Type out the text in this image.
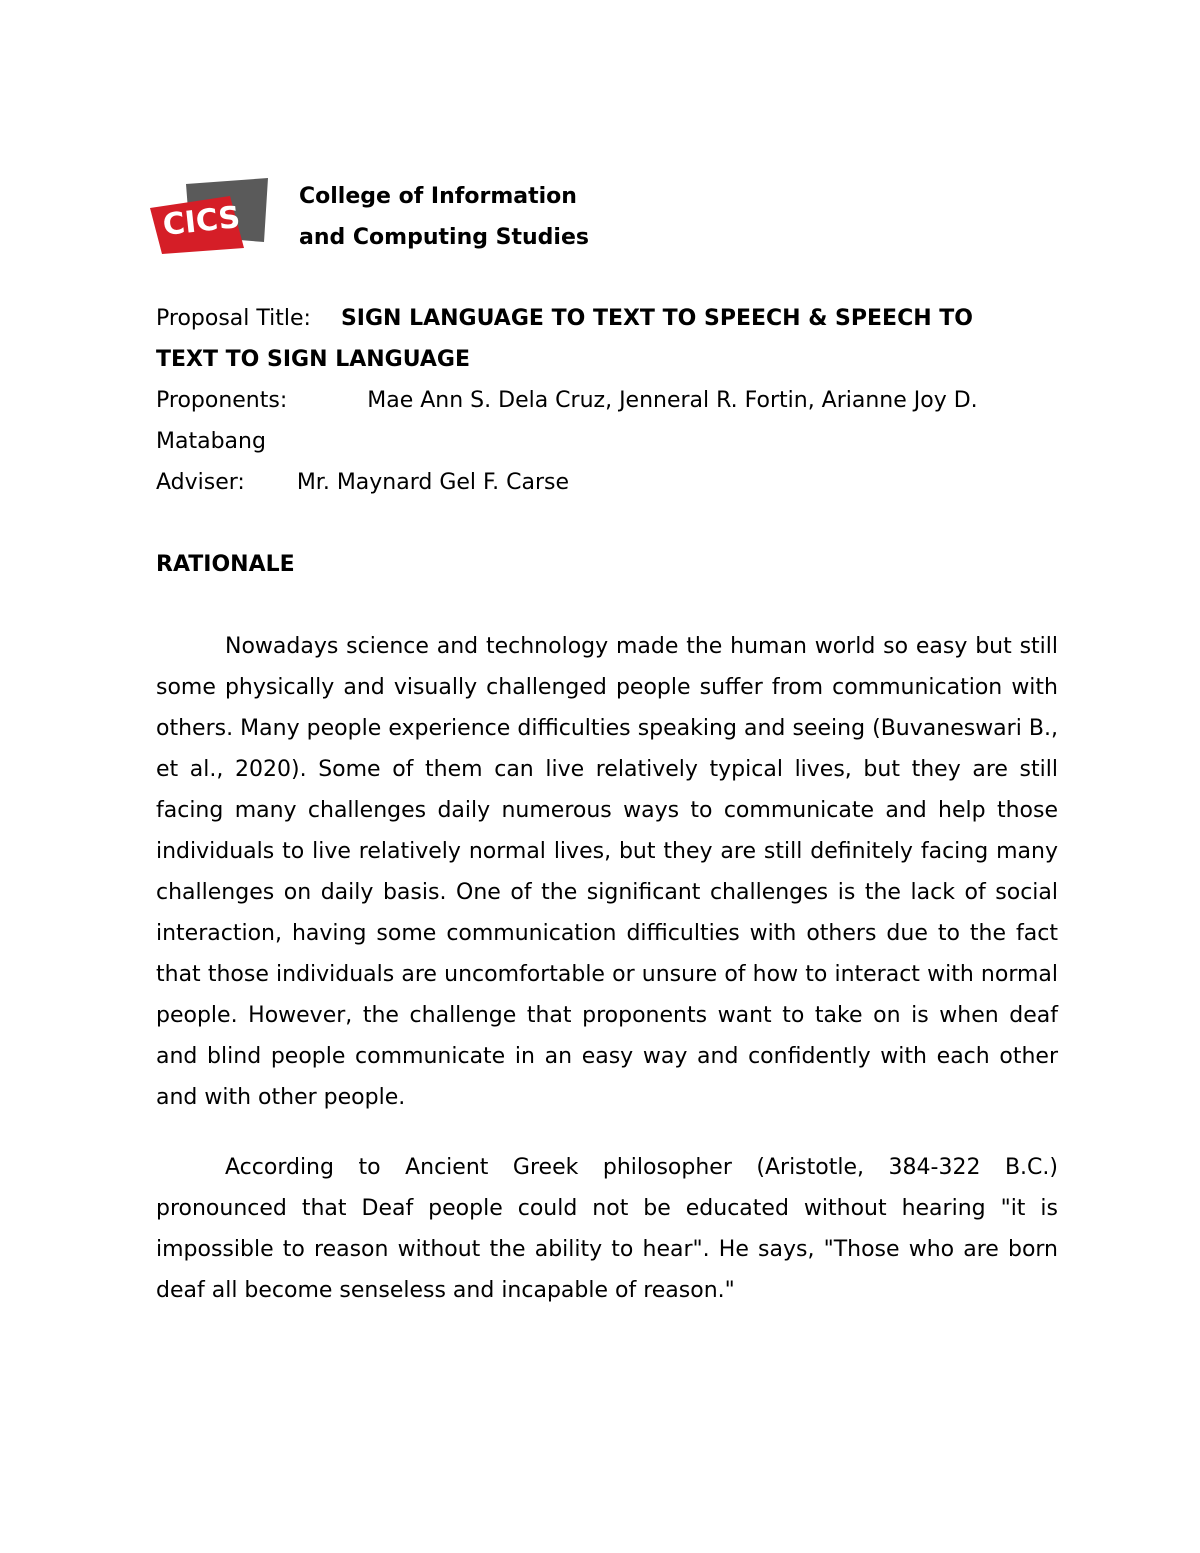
CICS
College of Information
and Computing Studies
Proposal Title: SIGN LANGUAGE TO TEXT TO SPEECH & SPEECH TO
TEXT TO SIGN LANGUAGE
Proponents:	Mae Ann S. Dela Cruz, Jenneral R. Fortin, Arianne Joy D.
Matabang
Adviser: Mr. Maynard Gel F. Carse
RATIONALE

Nowadays science and technology made the human world so easy but still some physically and visually challenged people suffer from communication with others. Many people experience difficulties speaking and seeing (Buvaneswari B., et al., 2020). Some of them can live relatively typical lives, but they are still facing many challenges daily numerous ways to communicate and help those individuals to live relatively normal lives, but they are still definitely facing many challenges on daily basis. One of the significant challenges is the lack of social interaction, having some communication difficulties with others due to the fact that those individuals are uncomfortable or unsure of how to interact with normal people. However, the challenge that proponents want to take on is when deaf and blind people communicate in an easy way and confidently with each other and with other people.

According to Ancient Greek philosopher (Aristotle, 384-322 B.C.) pronounced that Deaf people could not be educated without hearing "it is impossible to reason without the ability to hear". He says, "Those who are born deaf all become senseless and incapable of reason."
